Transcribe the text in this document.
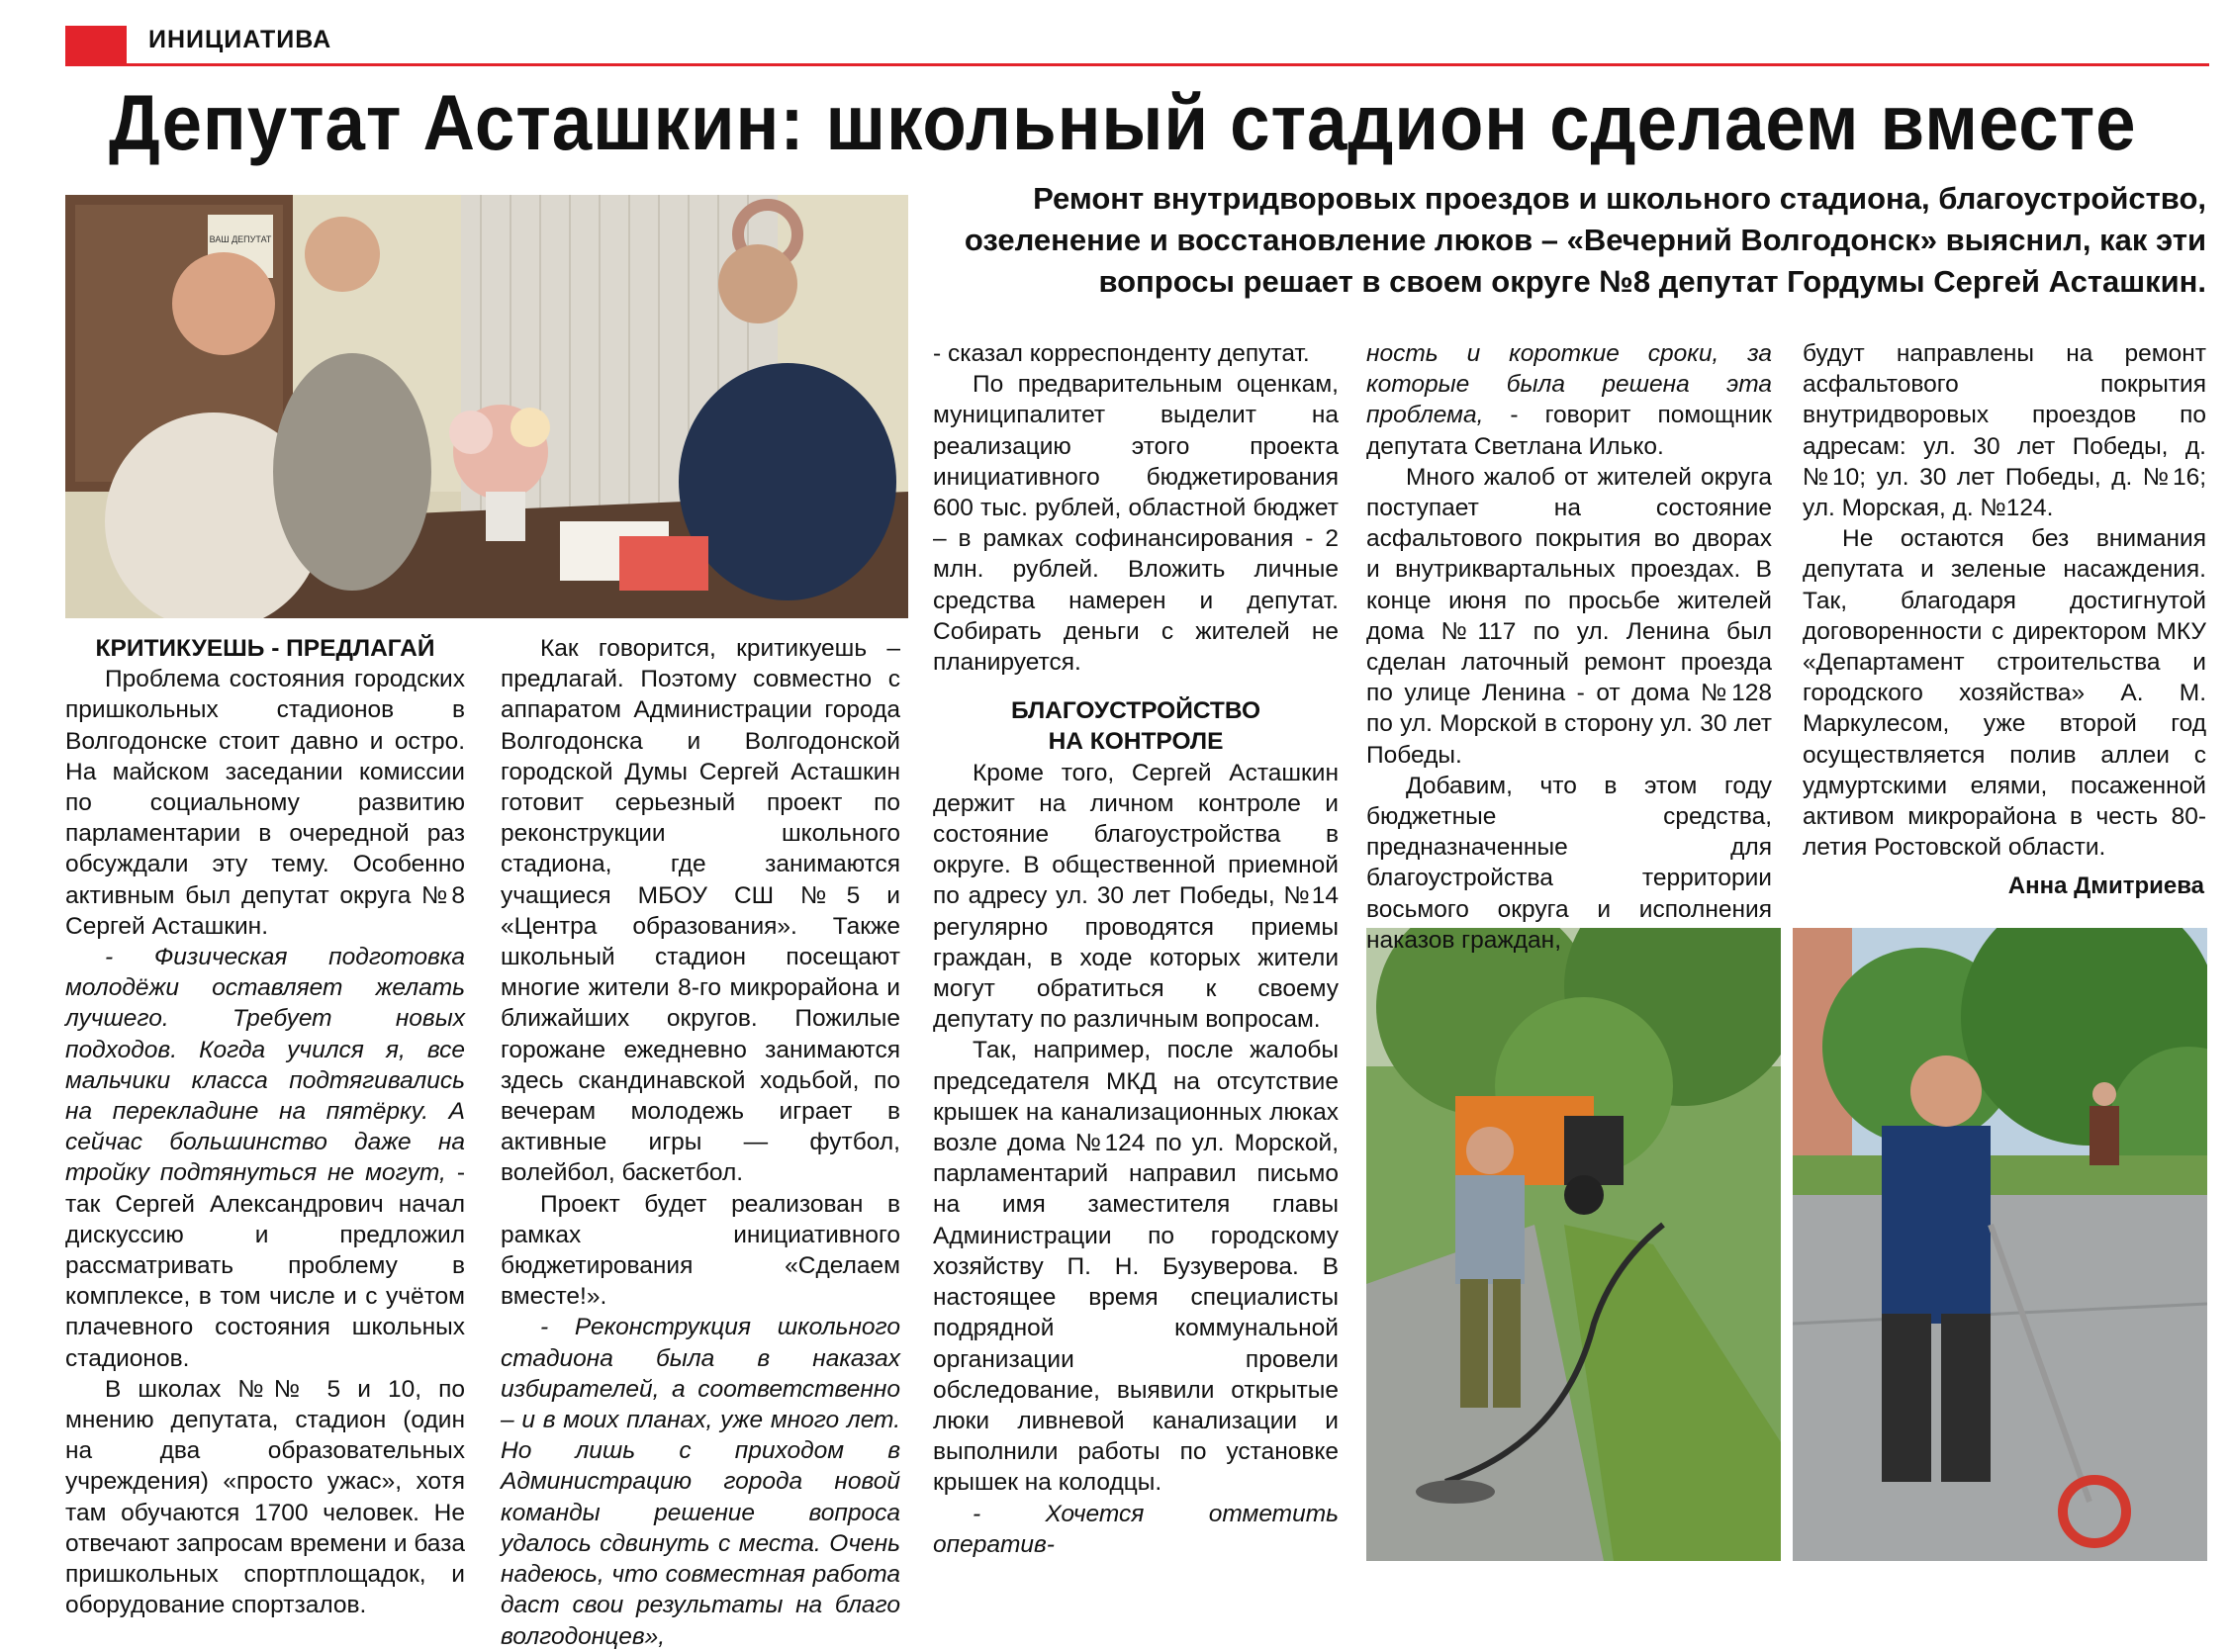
ИНИЦИАТИВА
Депутат Асташкин: школьный стадион сделаем вместе
Ремонт внутридворовых проездов и школьного стадиона, благоустройство, озеленение и восстановление люков – «Вечерний Волгодонск» выяснил, как эти вопросы решает в своем округе №8 депутат Гордумы Сергей Асташкин.
ВАШ ДЕПУТАТ

КРИТИКУЕШЬ - ПРЕДЛАГАЙ

Проблема состояния городских пришкольных стадионов в Волгодонске стоит давно и остро. На майском заседании комиссии по социальному развитию парламентарии в очередной раз обсуждали эту тему. Особенно активным был депутат округа №8 Сергей Асташкин.

- Физическая подготовка молодёжи оставляет желать лучшего. Требует новых подходов. Когда учился я, все мальчики класса подтягивались на перекладине на пятёрку. А сейчас большинство даже на тройку подтянуться не могут, - так Сергей Александрович начал дискуссию и предложил рассматривать проблему в комплексе, в том числе и с учётом плачевного состояния школьных стадионов.

В школах №№ 5 и 10, по мнению депутата, стадион (один на два образовательных учреждения) «просто ужас», хотя там обучаются 1700 человек. Не отвечают запросам времени и база пришкольных спортплощадок, и оборудование спортзалов.

Как говорится, критикуешь – предлагай. Поэтому совместно с аппаратом Администрации города Волгодонска и Волгодонской городской Думы Сергей Асташкин готовит серьезный проект по реконструкции школьного стадиона, где занимаются учащиеся МБОУ СШ №5 и «Центра образования». Также школьный стадион посещают многие жители 8-го микрорайона и ближайших округов. Пожилые горожане ежедневно занимаются здесь скандинавской ходьбой, по вечерам молодежь играет в активные игры — футбол, волейбол, баскетбол.

Проект будет реализован в рамках инициативного бюджетирования «Сделаем вместе!».

- Реконструкция школьного стадиона была в наказах избирателей, а соответственно – и в моих планах, уже много лет. Но лишь с приходом в Администрацию города новой команды решение вопроса удалось сдвинуть с места. Очень надеюсь, что совместная работа даст свои результаты на благо волгодонцев»,

- сказал корреспонденту депутат.

По предварительным оценкам, муниципалитет выделит на реализацию этого проекта инициативного бюджетирования 600 тыс. рублей, областной бюджет – в рамках софинансирования - 2 млн. рублей. Вложить личные средства намерен и депутат. Собирать деньги с жителей не планируется.

БЛАГОУСТРОЙСТВО НА КОНТРОЛЕ

Кроме того, Сергей Асташкин держит на личном контроле и состояние благоустройства в округе. В общественной приемной по адресу ул. 30 лет Победы, №14 регулярно проводятся приемы граждан, в ходе которых жители могут обратиться к своему депутату по различным вопросам.

Так, например, после жалобы председателя МКД на отсутствие крышек на канализационных люках возле дома №124 по ул. Морской, парламентарий направил письмо на имя заместителя главы Администрации по городскому хозяйству П. Н. Бузуверова. В настоящее время специалисты подрядной коммунальной организации провели обследование, выявили открытые люки ливневой канализации и выполнили работы по установке крышек на колодцы.

- Хочется отметить оператив-

ность и короткие сроки, за которые была решена эта проблема, - говорит помощник депутата Светлана Илько.

Много жалоб от жителей округа поступает на состояние асфальтового покрытия во дворах и внутриквартальных проездах. В конце июня по просьбе жителей дома №117 по ул. Ленина был сделан латочный ремонт проезда по улице Ленина - от дома №128 по ул. Морской в сторону ул. 30 лет Победы.

Добавим, что в этом году бюджетные средства, предназначенные для благоустройства территории восьмого округа и исполнения наказов граждан,

будут направлены на ремонт асфальтового покрытия внутридворовых проездов по адресам: ул. 30 лет Победы, д. №10; ул. 30 лет Победы, д. №16; ул. Морская, д. №124.

Не остаются без внимания депутата и зеленые насаждения. Так, благодаря достигнутой договоренности с директором МКУ «Департамент строительства и городского хозяйства» А. М. Маркулесом, уже второй год осуществляется полив аллеи с удмуртскими елями, посаженной активом микрорайона в честь 80-летия Ростовской области.

Анна Дмитриева
